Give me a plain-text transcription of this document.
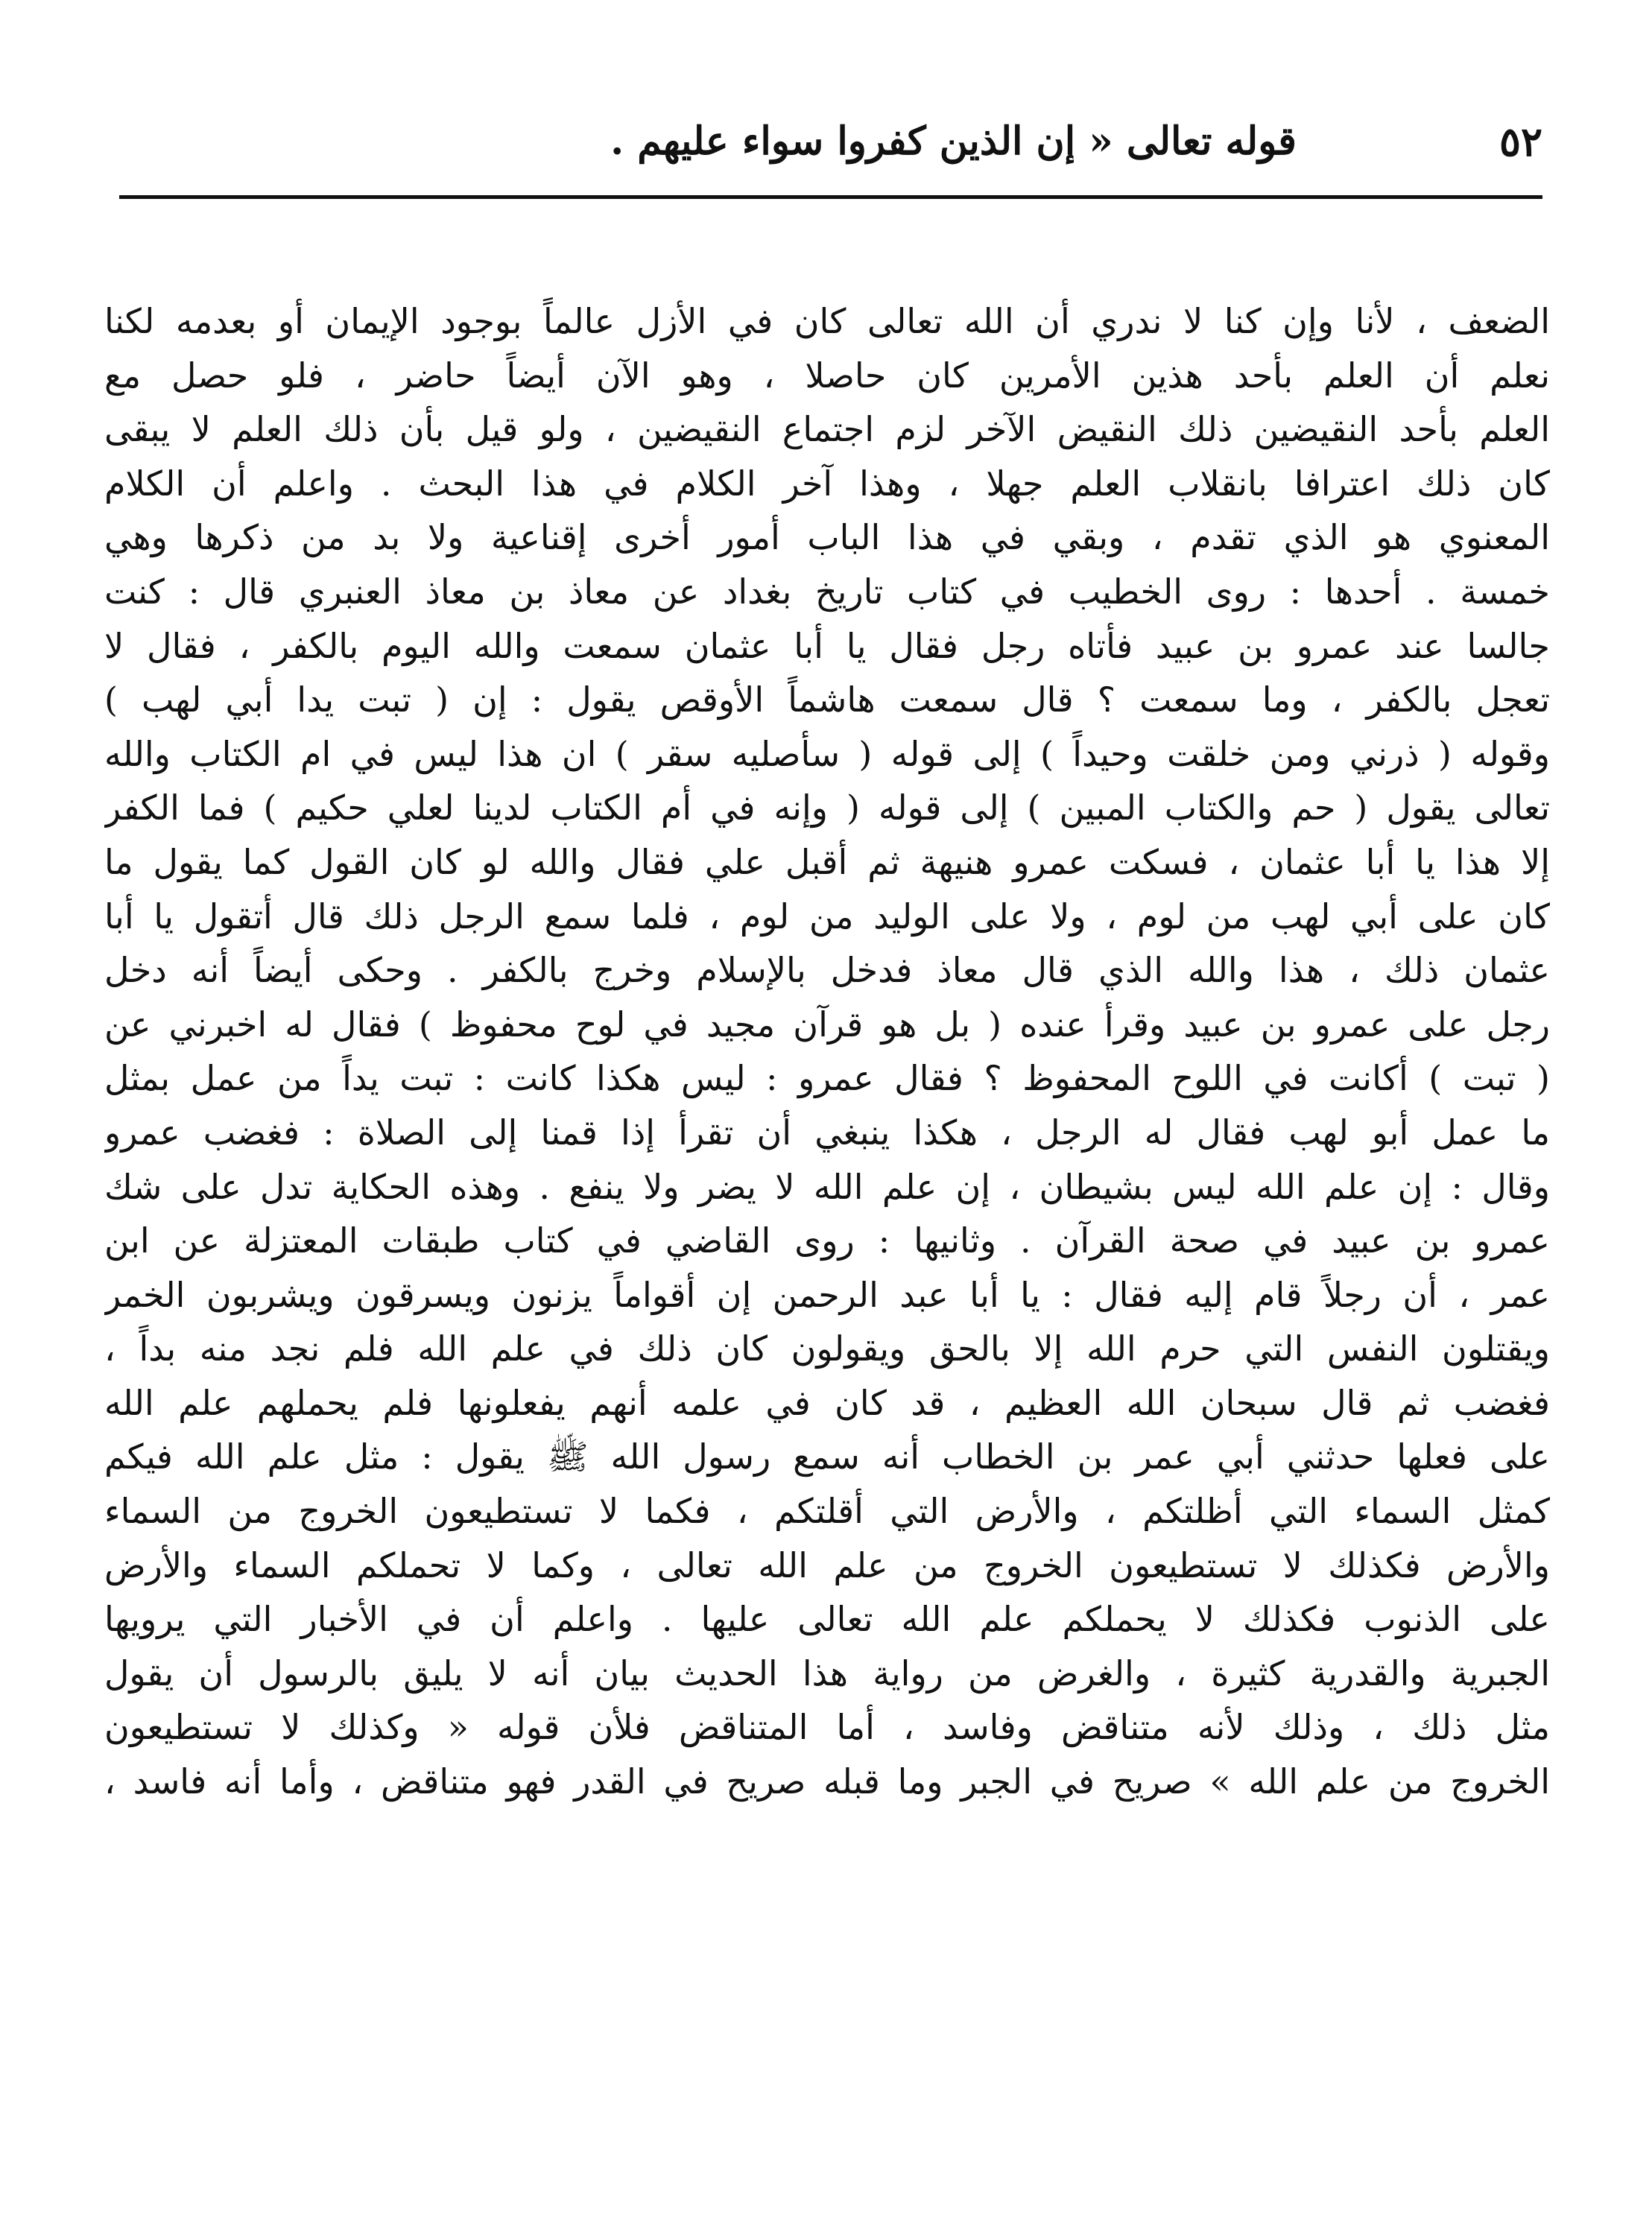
٥٢
قوله تعالى « إن الذين كفروا سواء عليهم .
الضعف ، لأنا وإن كنا لا ندري أن الله تعالى كان في الأزل عالماً بوجود الإيمان أو بعدمه لكنا
نعلم أن العلم بأحد هذين الأمرين كان حاصلا ، وهو الآن أيضاً حاضر ، فلو حصل مع
العلم بأحد النقيضين ذلك النقيض الآخر لزم اجتماع النقيضين ، ولو قيل بأن ذلك العلم لا يبقى
كان ذلك اعترافا بانقلاب العلم جهلا ، وهذا آخر الكلام في هذا البحث . واعلم أن الكلام
المعنوي هو الذي تقدم ، وبقي في هذا الباب أمور أخرى إقناعية ولا بد من ذكرها وهي
خمسة . أحدها : روى الخطيب في كتاب تاريخ بغداد عن معاذ بن معاذ العنبري قال : كنت
جالسا عند عمرو بن عبيد فأتاه رجل فقال يا أبا عثمان سمعت والله اليوم بالكفر ، فقال لا
تعجل بالكفر ، وما سمعت ؟ قال سمعت هاشماً الأوقص يقول : إن ( تبت يدا أبي لهب )
وقوله ( ذرني ومن خلقت وحيداً ) إلى قوله ( سأصليه سقر ) ان هذا ليس في ام الكتاب والله
تعالى يقول ( حم والكتاب المبين ) إلى قوله ( وإنه في أم الكتاب لدينا لعلي حكيم ) فما الكفر
إلا هذا يا أبا عثمان ، فسكت عمرو هنيهة ثم أقبل علي فقال والله لو كان القول كما يقول ما
كان على أبي لهب من لوم ، ولا على الوليد من لوم ، فلما سمع الرجل ذلك قال أتقول يا أبا
عثمان ذلك ، هذا والله الذي قال معاذ فدخل بالإسلام وخرج بالكفر . وحكى أيضاً أنه دخل
رجل على عمرو بن عبيد وقرأ عنده ( بل هو قرآن مجيد في لوح محفوظ ) فقال له اخبرني عن
( تبت ) أكانت في اللوح المحفوظ ؟ فقال عمرو : ليس هكذا كانت : تبت يداً من عمل بمثل
ما عمل أبو لهب فقال له الرجل ، هكذا ينبغي أن تقرأ إذا قمنا إلى الصلاة : فغضب عمرو
وقال : إن علم الله ليس بشيطان ، إن علم الله لا يضر ولا ينفع . وهذه الحكاية تدل على شك
عمرو بن عبيد في صحة القرآن . وثانيها : روى القاضي في كتاب طبقات المعتزلة عن ابن
عمر ، أن رجلاً قام إليه فقال : يا أبا عبد الرحمن إن أقواماً يزنون ويسرقون ويشربون الخمر
ويقتلون النفس التي حرم الله إلا بالحق ويقولون كان ذلك في علم الله فلم نجد منه بداً ،
فغضب ثم قال سبحان الله العظيم ، قد كان في علمه أنهم يفعلونها فلم يحملهم علم الله
على فعلها حدثني أبي عمر بن الخطاب أنه سمع رسول الله ﷺ يقول : مثل علم الله فيكم
كمثل السماء التي أظلتكم ، والأرض التي أقلتكم ، فكما لا تستطيعون الخروج من السماء
والأرض فكذلك لا تستطيعون الخروج من علم الله تعالى ، وكما لا تحملكم السماء والأرض
على الذنوب فكذلك لا يحملكم علم الله تعالى عليها . واعلم أن في الأخبار التي يرويها
الجبرية والقدرية كثيرة ، والغرض من رواية هذا الحديث بيان أنه لا يليق بالرسول أن يقول
مثل ذلك ، وذلك لأنه متناقض وفاسد ، أما المتناقض فلأن قوله « وكذلك لا تستطيعون
الخروج من علم الله » صريح في الجبر وما قبله صريح في القدر فهو متناقض ، وأما أنه فاسد ،
